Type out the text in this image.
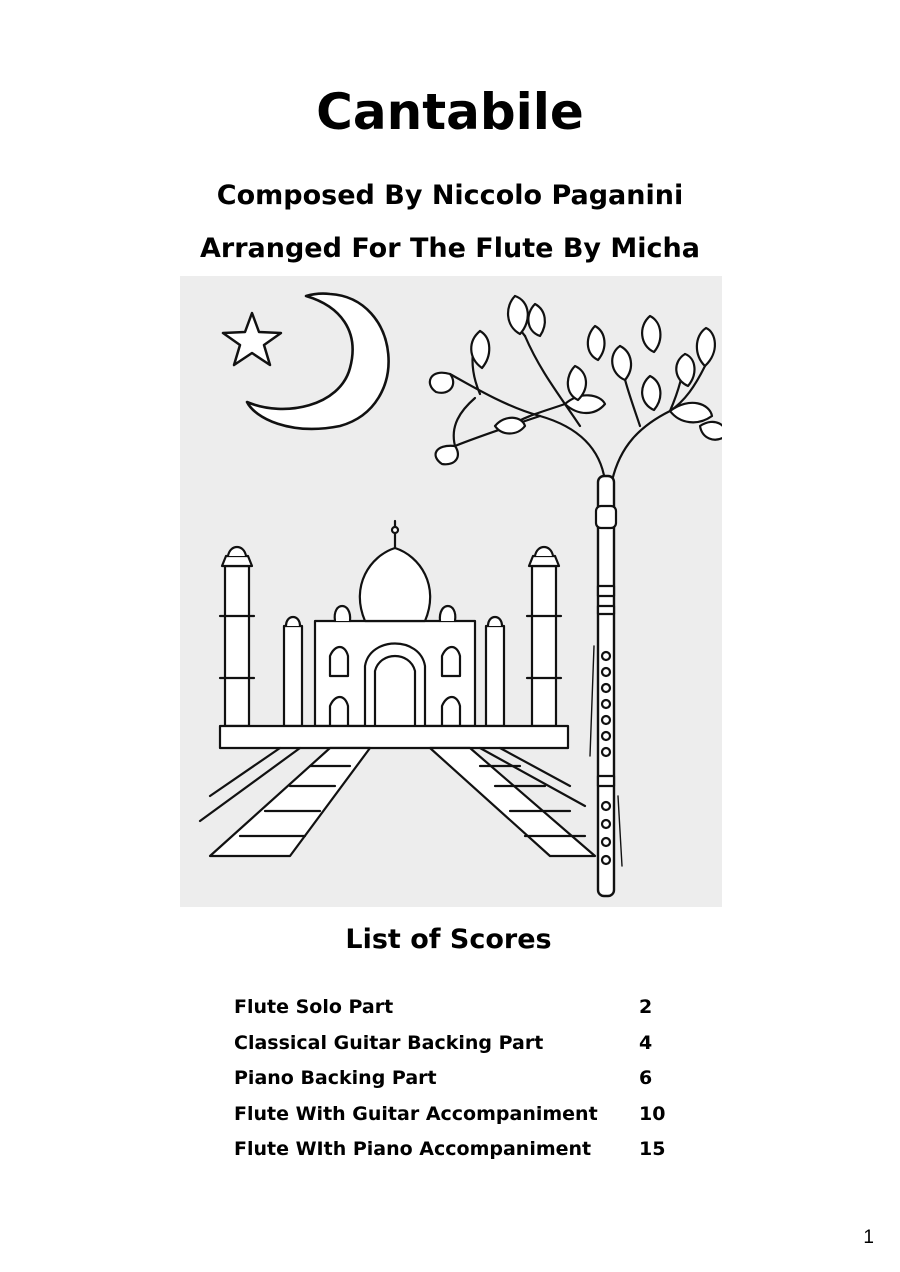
Cantabile
Composed By Niccolo Paganini
Arranged For The Flute By Micha
List of Scores
Flute Solo Part	2
Classical Guitar Backing Part	4
Piano Backing Part	6
Flute With Guitar Accompaniment 10
Flute WIth Piano Accompaniment	15
1
